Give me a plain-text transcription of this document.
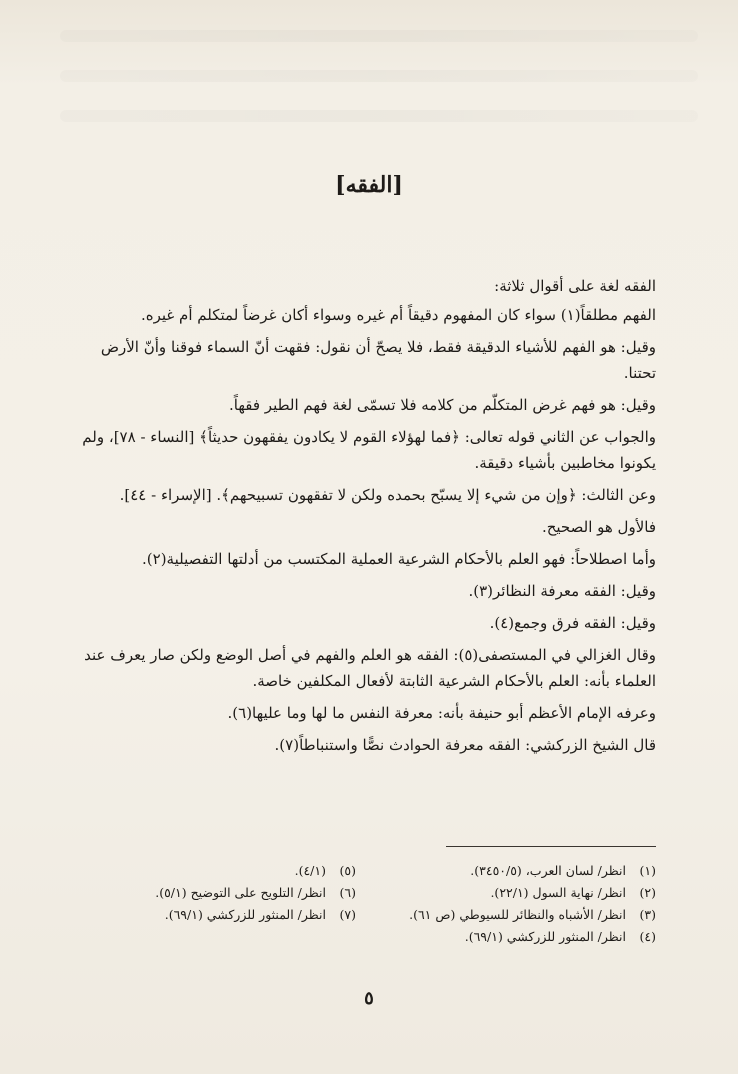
[الفقه]

الفقه لغة على أقوال ثلاثة:

الفهم مطلقاً(١) سواء كان المفهوم دقيقاً أم غيره وسواء أكان غرضاً لمتكلم أم غيره.

وقيل: هو الفهم للأشياء الدقيقة فقط، فلا يصحّ أن نقول: فقهت أنّ السماء فوقنا وأنّ الأرض تحتنا.

وقيل: هو فهم غرض المتكلّم من كلامه فلا تسمّى لغة فهم الطير فقهاً.

والجواب عن الثاني قوله تعالى: ﴿فما لهؤلاء القوم لا يكادون يفقهون حديثاً﴾ [النساء - ٧٨]، ولم يكونوا مخاطبين بأشياء دقيقة.

وعن الثالث: ﴿وإن من شيء إلا يسبّح بحمده ولكن لا تفقهون تسبيحهم﴾. [الإسراء - ٤٤].

فالأول هو الصحيح.

وأما اصطلاحاً: فهو العلم بالأحكام الشرعية العملية المكتسب من أدلتها التفصيلية(٢).

وقيل: الفقه معرفة النظائر(٣).

وقيل: الفقه فرق وجمع(٤).

وقال الغزالي في المستصفى(٥): الفقه هو العلم والفهم في أصل الوضع ولكن صار يعرف عند العلماء بأنه: العلم بالأحكام الشرعية الثابتة لأفعال المكلفين خاصة.

وعرفه الإمام الأعظم أبو حنيفة بأنه: معرفة النفس ما لها وما عليها(٦).

قال الشيخ الزركشي: الفقه معرفة الحوادث نصًّا واستنباطاً(٧).

(١)
انظر/ لسان العرب، (٣٤٥٠/٥).
(٥)
(٤/١).
(٢)
انظر/ نهاية السول (٢٢/١).
(٦)
انظر/ التلويح على التوضيح (٥/١).
(٣)
انظر/ الأشباه والنظائر للسيوطي (ص ٦١).
(٧)
انظر/ المنثور للزركشي (٦٩/١).
(٤)
انظر/ المنثور للزركشي (٦٩/١).
٥
